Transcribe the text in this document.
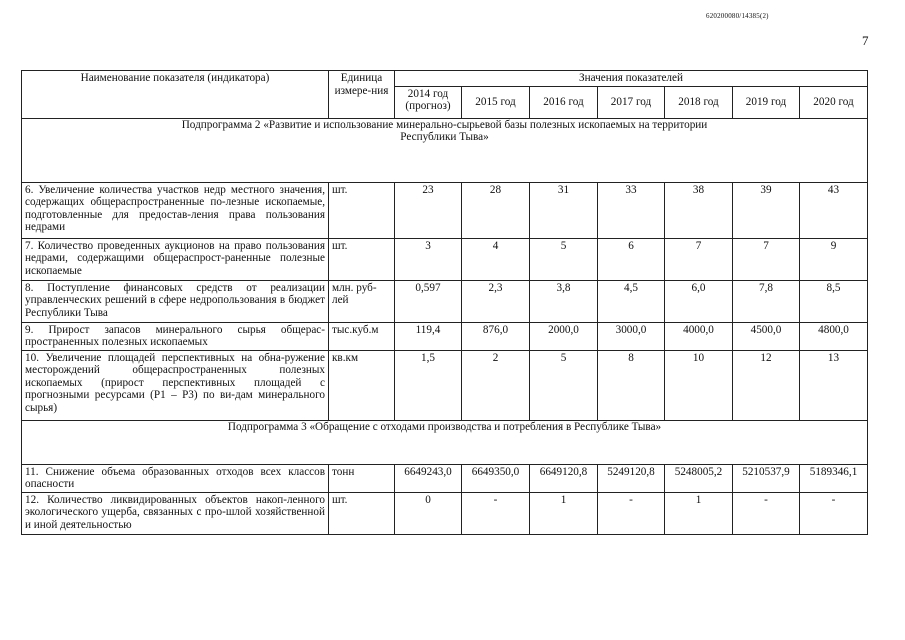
620200080/14385(2)
7
Наименование показателя (индикатора)	Единица измере-ния	Значения показателей						
		2014 год (прогноз)	2015 год	2016 год	2017 год	2018 год	2019 год	2020 год
Подпрограмма 2 «Развитие и использование минерально-сырьевой базы полезных ископаемых на территории Республики Тыва»								
6. Увеличение количества участков недр местного значения, содержащих общераспространенные по-лезные ископаемые, подготовленные для предостав-ления права пользования недрами	шт.	23	28	31	33	38	39	43
7. Количество проведенных аукционов на право пользования недрами, содержащими общераспрост-раненные полезные ископаемые	шт.	3	4	5	6	7	7	9
8. Поступление финансовых средств от реализации управленческих решений в сфере недропользования в бюджет Республики Тыва	млн. руб-лей	0,597	2,3	3,8	4,5	6,0	7,8	8,5
9. Прирост запасов минерального сырья общерас-пространенных полезных ископаемых	тыс.куб.м	119,4	876,0	2000,0	3000,0	4000,0	4500,0	4800,0
10. Увеличение площадей перспективных на обна-ружение месторождений общераспространенных полезных ископаемых (прирост перспективных площадей с прогнозными ресурсами (Р1 – Р3) по ви-дам минерального сырья)	кв.км	1,5	2	5	8	10	12	13
Подпрограмма 3 «Обращение с отходами производства и потребления в Республике Тыва»								
11. Снижение объема образованных отходов всех классов опасности	тонн	6649243,0	6649350,0	6649120,8	5249120,8	5248005,2	5210537,9	5189346,1
12. Количество ликвидированных объектов накоп-ленного экологического ущерба, связанных с про-шлой хозяйственной и иной деятельностью	шт.	0	-	1	-	1	-	-
